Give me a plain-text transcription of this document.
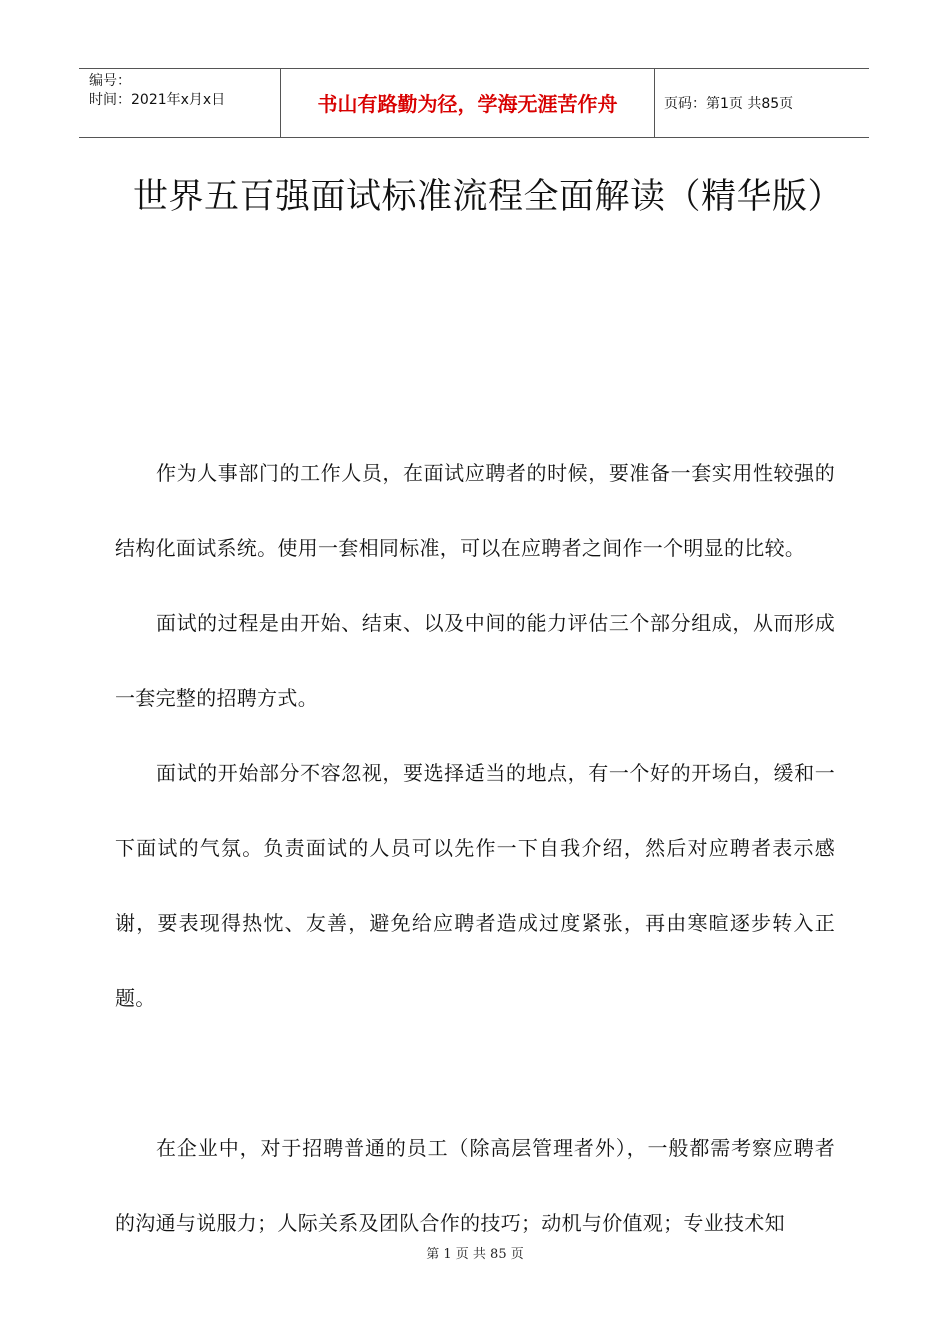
编号：
时间：2021年x月x日	书山有路勤为径，学海无涯苦作舟	页码：第1页 共85页
世界五百强面试标准流程全面解读（精华版）

作为人事部门的工作人员，在面试应聘者的时候，要准备一套实用性较强的结构化面试系统。使用一套相同标准，可以在应聘者之间作一个明显的比较。

面试的过程是由开始、结束、以及中间的能力评估三个部分组成，从而形成一套完整的招聘方式。

面试的开始部分不容忽视，要选择适当的地点，有一个好的开场白，缓和一下面试的气氛。负责面试的人员可以先作一下自我介绍，然后对应聘者表示感谢，要表现得热忱、友善，避免给应聘者造成过度紧张，再由寒暄逐步转入正题。

在企业中，对于招聘普通的员工（除高层管理者外），一般都需考察应聘者的沟通与说服力；人际关系及团队合作的技巧；动机与价值观；专业技术知

第 1 页 共 85 页
